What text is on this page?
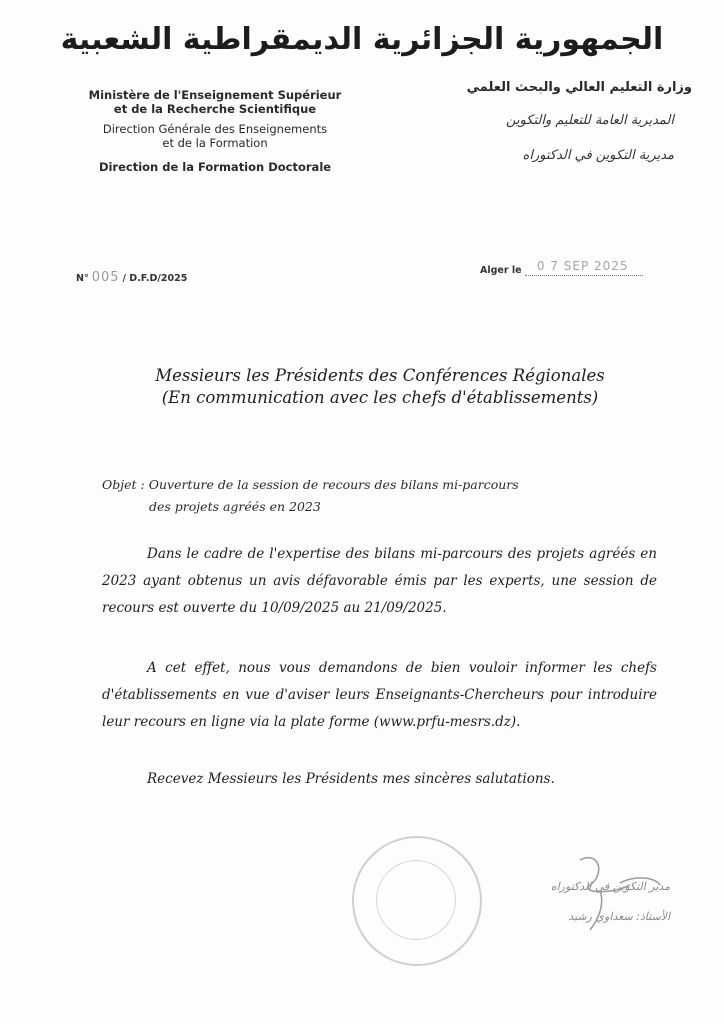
الجمهورية الجزائرية الديمقراطية الشعبية
Ministère de l'Enseignement Supérieur
et de la Recherche Scientifique
Direction Générale des Enseignements
et de la Formation
Direction de la Formation Doctorale
وزارة التعليم العالي والبحث العلمي
المديرية العامة للتعليم والتكوين
مديرية التكوين في الدكتوراه
N° 005 / D.F.D/2025
Alger le 0 7 SEP 2025
Messieurs les Présidents des Conférences Régionales
(En communication avec les chefs d'établissements)
Objet : Ouverture de la session de recours des bilans mi-parcours
des projets agréés en 2023
Dans le cadre de l'expertise des bilans mi-parcours des projets agréés en 2023 ayant obtenus un avis défavorable émis par les experts, une session de recours est ouverte du 10/09/2025 au 21/09/2025.
A cet effet, nous vous demandons de bien vouloir informer les chefs d'établissements en vue d'aviser leurs Enseignants-Chercheurs pour introduire leur recours en ligne via la plate forme (www.prfu-mesrs.dz).
Recevez Messieurs les Présidents mes sincères salutations.
مدير التكوين في الدكتوراه
الأستاذ: سعداوي رشيد
